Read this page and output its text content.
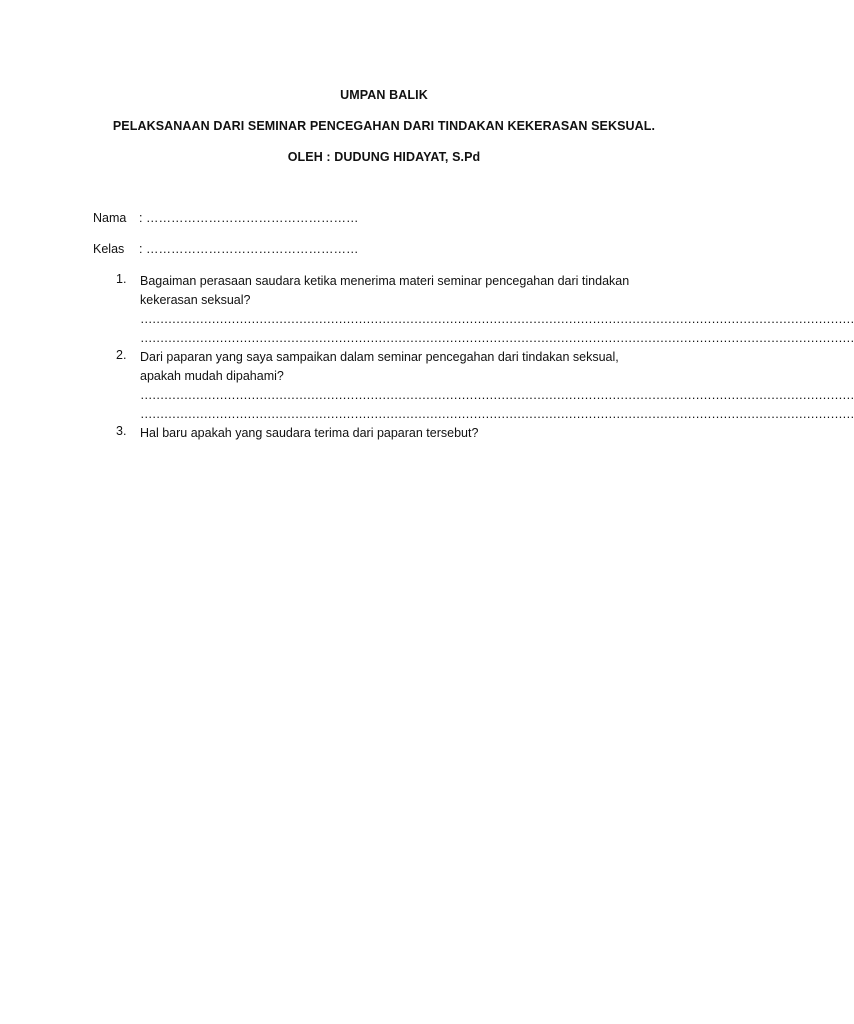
UMPAN BALIK
PELAKSANAAN DARI SEMINAR PENCEGAHAN DARI TINDAKAN KEKERASAN SEKSUAL.
OLEH : DUDUNG HIDAYAT, S.Pd
Nama : ……………………………………………
Kelas : ……………………………………………
1.	Bagaiman perasaan saudara ketika menerima materi seminar pencegahan dari tindakan
kekerasan seksual?
………………………………………………………………………………………………………………………………………………………………
………………………………………………………………………………………………………………………………………………………………
2.	Dari paparan yang saya sampaikan dalam seminar pencegahan dari tindakan seksual,
apakah mudah dipahami?
………………………………………………………………………………………………………………………………………………………………
………………………………………………………………………………………………………………………………………………………………
3.	Hal baru apakah yang saudara terima dari paparan tersebut?
